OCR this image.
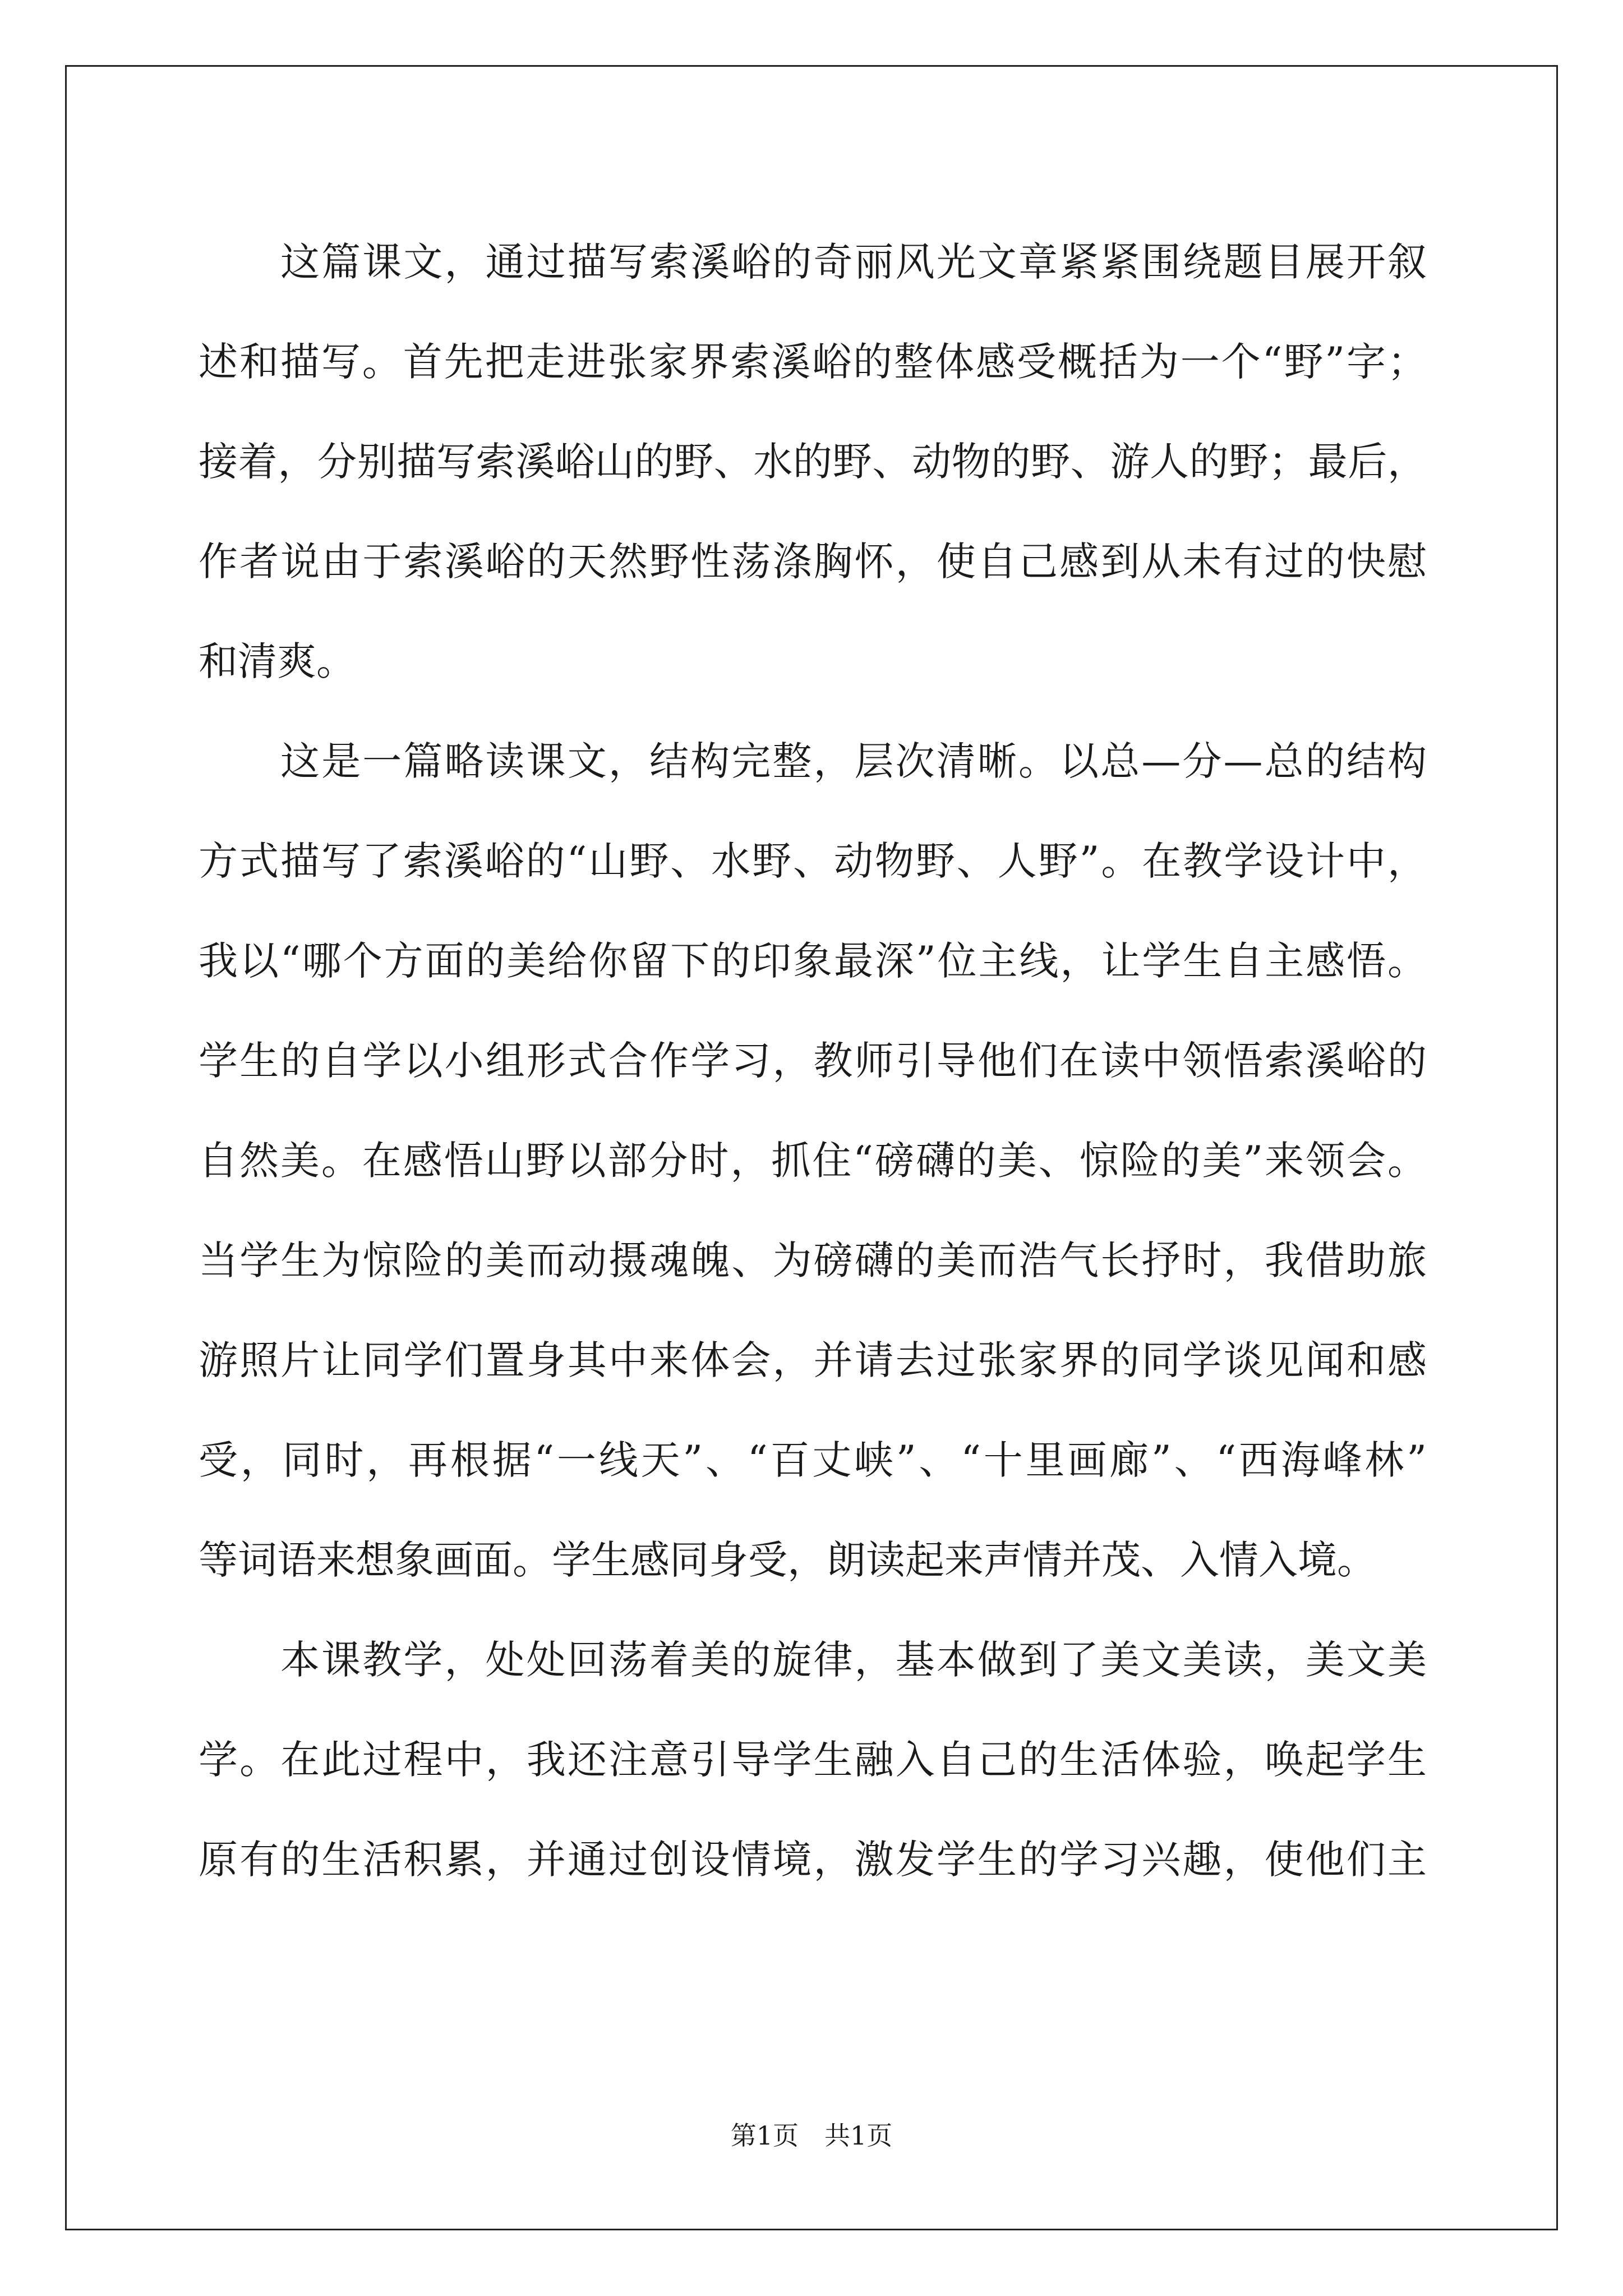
这篇课文，通过描写索溪峪的奇丽风光文章紧紧围绕题目展开叙
述和描写。首先把走进张家界索溪峪的整体感受概括为一个“野”字；
接着，分别描写索溪峪山的野、水的野、动物的野、游人的野；最后，
作者说由于索溪峪的天然野性荡涤胸怀，使自己感到从未有过的快慰
和清爽。
这是一篇略读课文，结构完整，层次清晰。以总—分—总的结构
方式描写了索溪峪的“山野、水野、动物野、人野”。在教学设计中，
我以“哪个方面的美给你留下的印象最深”位主线，让学生自主感悟。
学生的自学以小组形式合作学习，教师引导他们在读中领悟索溪峪的
自然美。在感悟山野以部分时，抓住“磅礴的美、惊险的美”来领会。
当学生为惊险的美而动摄魂魄、为磅礴的美而浩气长抒时，我借助旅
游照片让同学们置身其中来体会，并请去过张家界的同学谈见闻和感
受，同时，再根据“一线天”、“百丈峡”、“十里画廊”、“西海峰林”
等词语来想象画面。学生感同身受，朗读起来声情并茂、入情入境。
本课教学，处处回荡着美的旋律，基本做到了美文美读，美文美
学。在此过程中，我还注意引导学生融入自己的生活体验，唤起学生
原有的生活积累，并通过创设情境，激发学生的学习兴趣，使他们主
第1页 共1页
